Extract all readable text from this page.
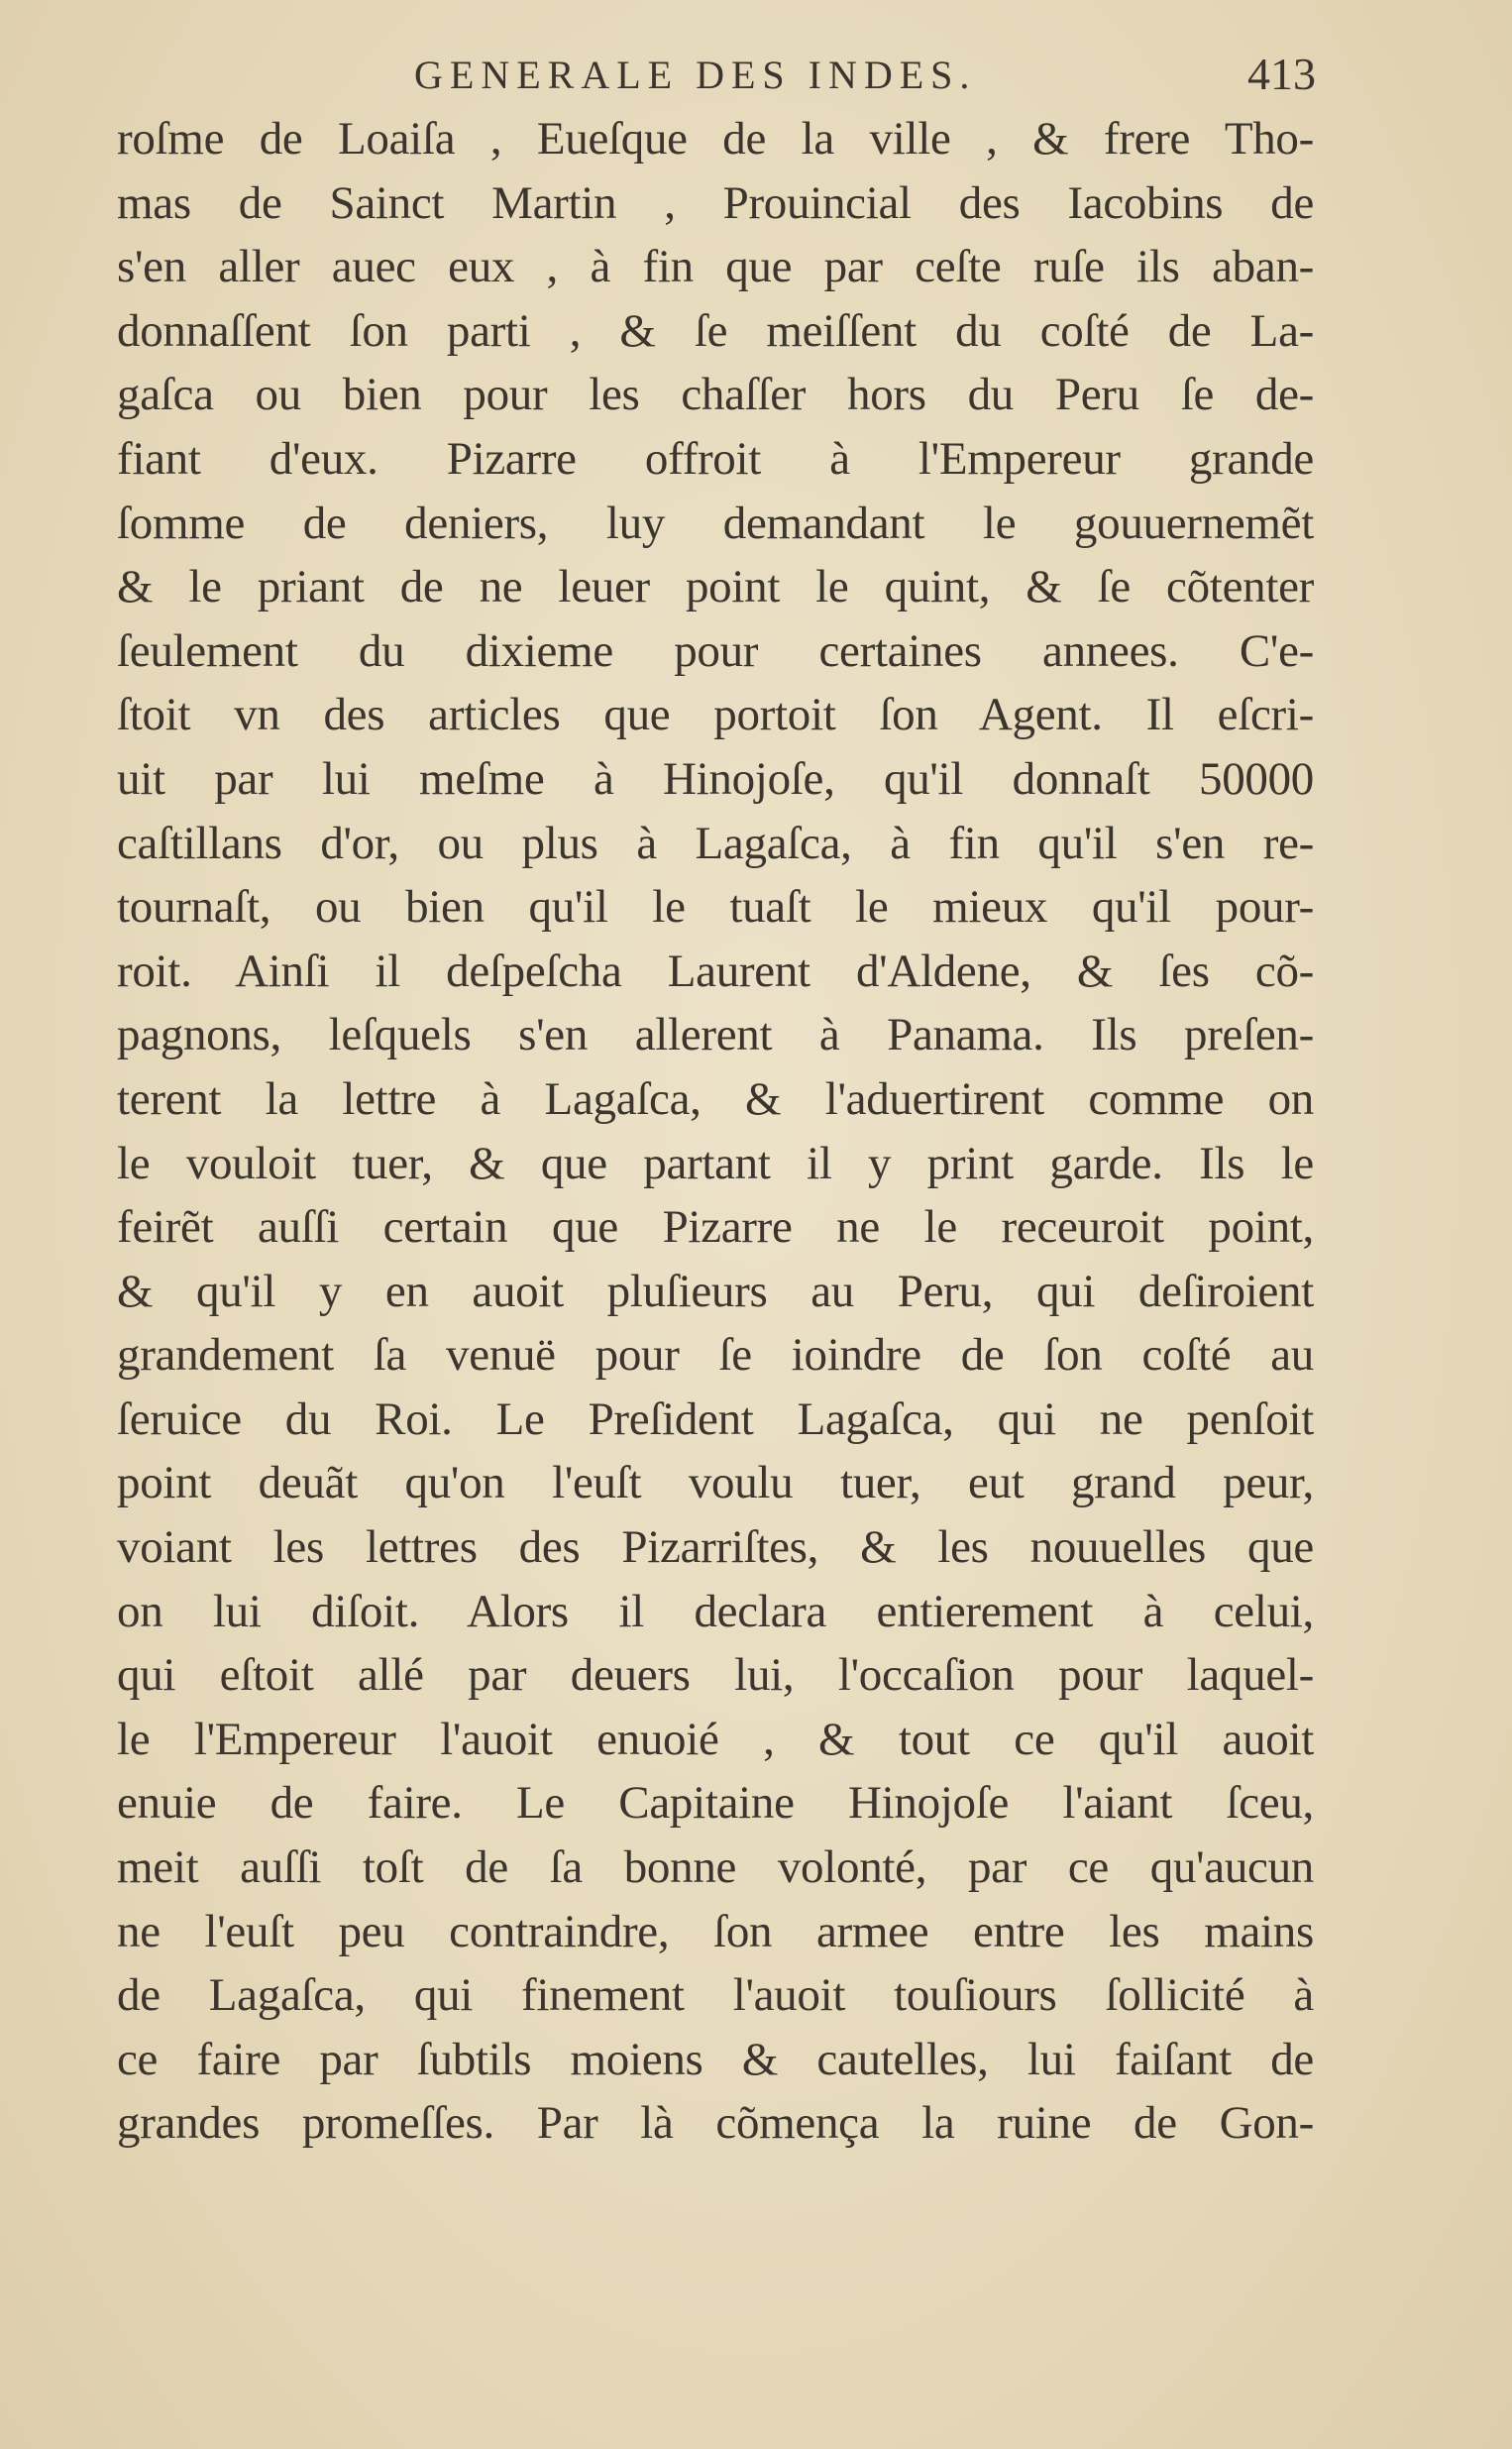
GENERALE DES INDES.	413
roſme de Loaiſa , Eueſque de la ville , & frere Tho-
mas de Sainct Martin , Prouincial des Iacobins de
s'en aller auec eux , à fin que par ceſte ruſe ils aban-
donnaſſent ſon parti , & ſe meiſſent du coſté de La-
gaſca ou bien pour les chaſſer hors du Peru ſe de-
fiant d'eux. Pizarre offroit à l'Empereur grande
ſomme de deniers, luy demandant le gouuernemẽt
& le priant de ne leuer point le quint, & ſe cõtenter
ſeulement du dixieme pour certaines annees. C'e-
ſtoit vn des articles que portoit ſon Agent. Il eſcri-
uit par lui meſme à Hinojoſe, qu'il donnaſt 50000
caſtillans d'or, ou plus à Lagaſca, à fin qu'il s'en re-
tournaſt, ou bien qu'il le tuaſt le mieux qu'il pour-
roit. Ainſi il deſpeſcha Laurent d'Aldene, & ſes cõ-
pagnons, leſquels s'en allerent à Panama. Ils preſen-
terent la lettre à Lagaſca, & l'aduertirent comme on
le vouloit tuer, & que partant il y print garde. Ils le
feirẽt auſſi certain que Pizarre ne le receuroit point,
& qu'il y en auoit pluſieurs au Peru, qui deſiroient
grandement ſa venuë pour ſe ioindre de ſon coſté au
ſeruice du Roi. Le Preſident Lagaſca, qui ne penſoit
point deuãt qu'on l'euſt voulu tuer, eut grand peur,
voiant les lettres des Pizarriſtes, & les nouuelles que
on lui diſoit. Alors il declara entierement à celui,
qui eſtoit allé par deuers lui, l'occaſion pour laquel-
le l'Empereur l'auoit enuoié , & tout ce qu'il auoit
enuie de faire. Le Capitaine Hinojoſe l'aiant ſceu,
meit auſſi toſt de ſa bonne volonté, par ce qu'aucun
ne l'euſt peu contraindre, ſon armee entre les mains
de Lagaſca, qui finement l'auoit touſiours ſollicité à
ce faire par ſubtils moiens & cautelles, lui faiſant de
grandes promeſſes. Par là cõmença la ruine de Gon-
